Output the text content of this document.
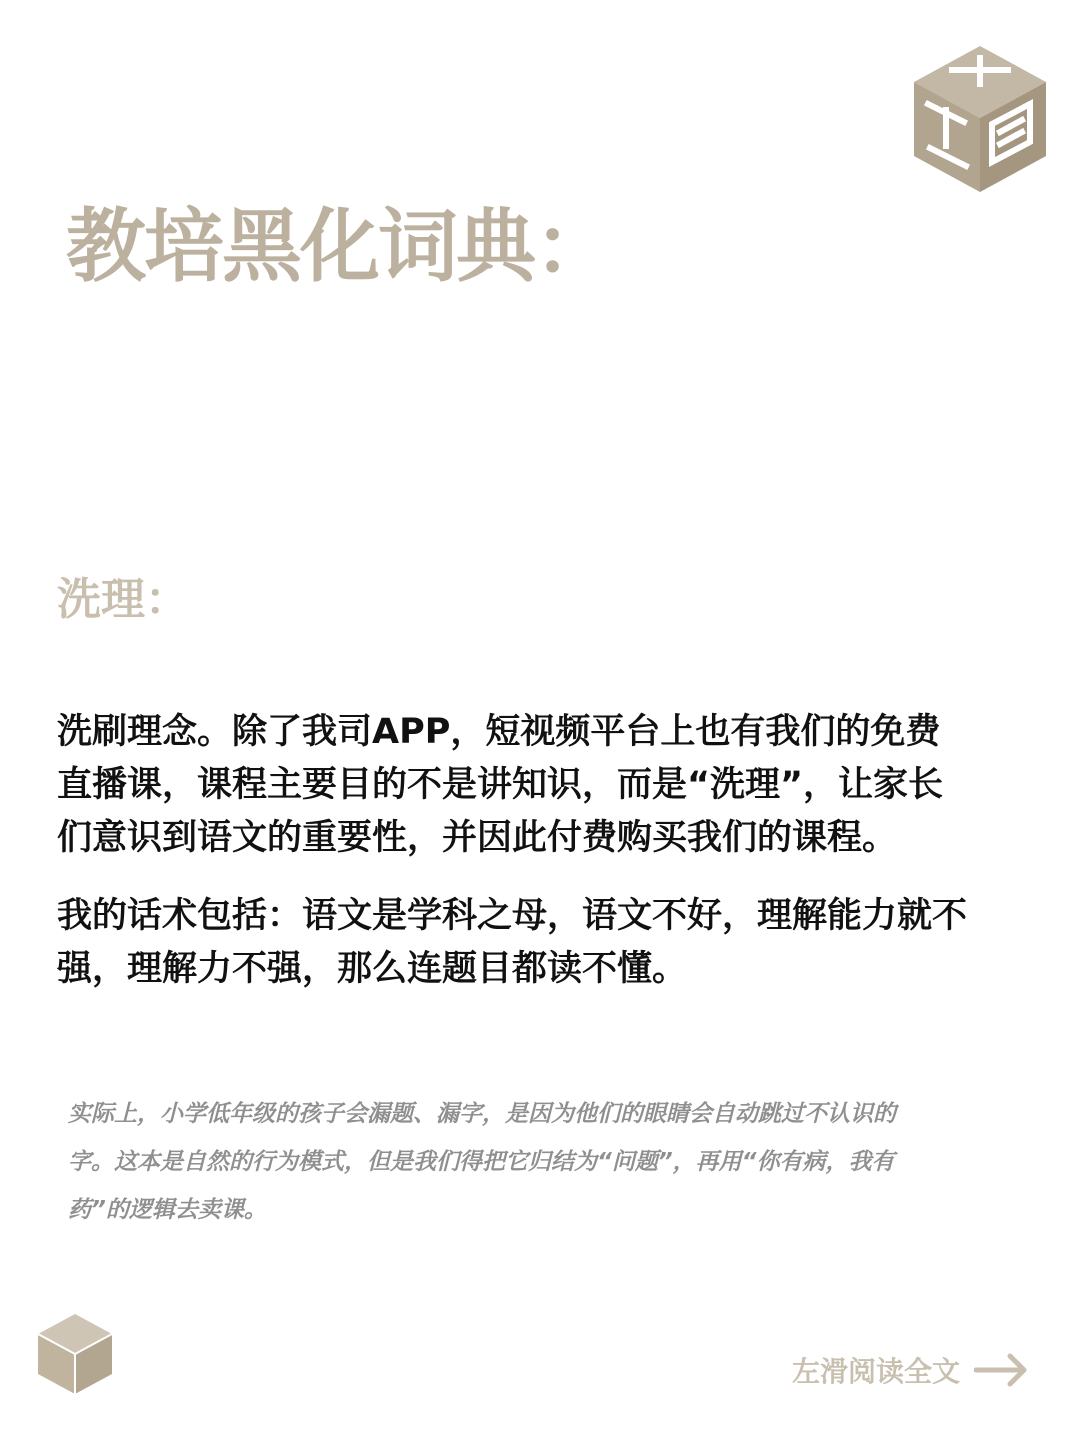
教培黑化词典：
洗理：

洗刷理念。除了我司APP，短视频平台上也有我们的免费
直播课，课程主要目的不是讲知识，而是“洗理”，让家长
们意识到语文的重要性，并因此付费购买我们的课程。

我的话术包括：语文是学科之母，语文不好，理解能力就不
强，理解力不强，那么连题目都读不懂。

实际上，小学低年级的孩子会漏题、漏字，是因为他们的眼睛会自动跳过不认识的
字。这本是自然的行为模式，但是我们得把它归结为“问题”，再用“你有病，我有
药”的逻辑去卖课。

左滑阅读全文
